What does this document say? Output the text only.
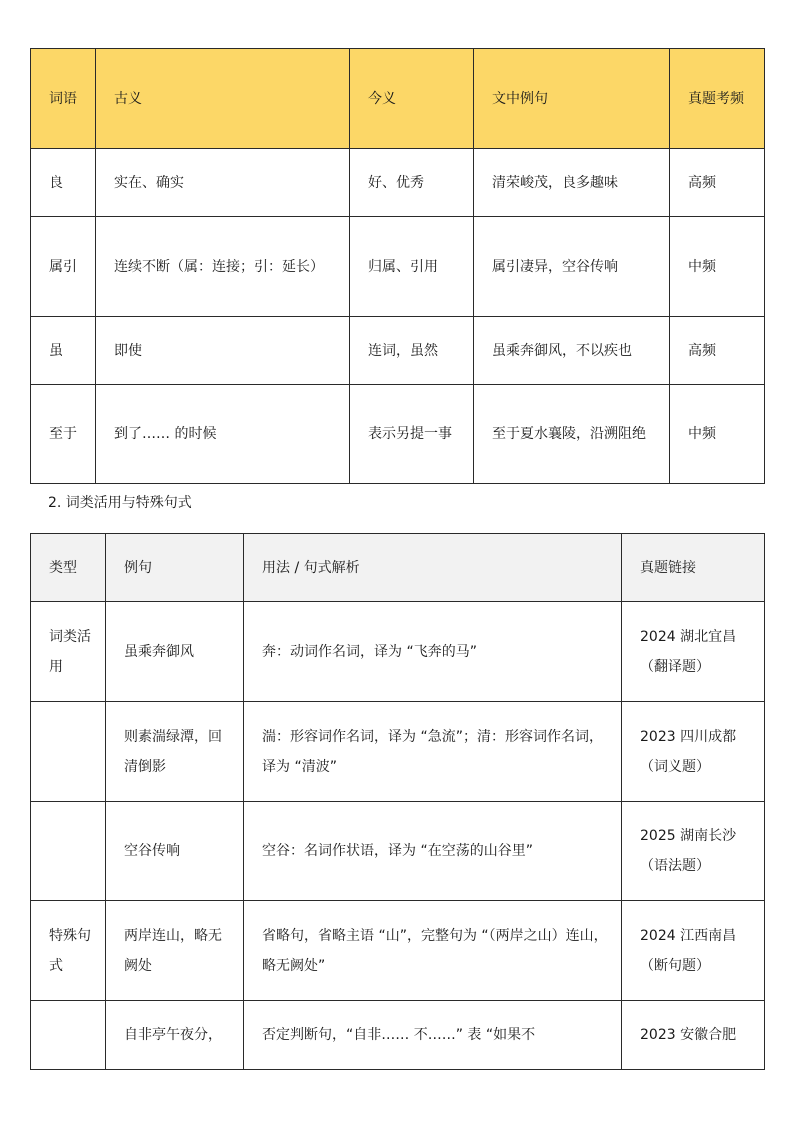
词语	古义	今义	文中例句	真题考频
良	实在、确实	好、优秀	清荣峻茂，良多趣味	高频
属引	连续不断（属：连接；引：延长）	归属、引用	属引凄异，空谷传响	中频
虽	即使	连词，虽然	虽乘奔御风，不以疾也	高频
至于	到了…… 的时候	表示另提一事	至于夏水襄陵，沿溯阻绝	中频
2. 词类活用与特殊句式
类型	例句	用法 / 句式解析	真题链接
词类活用	虽乘奔御风	奔：动词作名词，译为 “飞奔的马”	2024 湖北宜昌（翻译题）
	则素湍绿潭，回清倒影	湍：形容词作名词，译为 “急流”；清：形容词作名词，译为 “清波”	2023 四川成都（词义题）
	空谷传响	空谷：名词作状语，译为 “在空荡的山谷里”	2025 湖南长沙（语法题）
特殊句式	两岸连山，略无阙处	省略句，省略主语 “山”，完整句为 “（两岸之山）连山，略无阙处”	2024 江西南昌（断句题）
	自非亭午夜分，	否定判断句，“自非…… 不……” 表 “如果不	2023 安徽合肥
